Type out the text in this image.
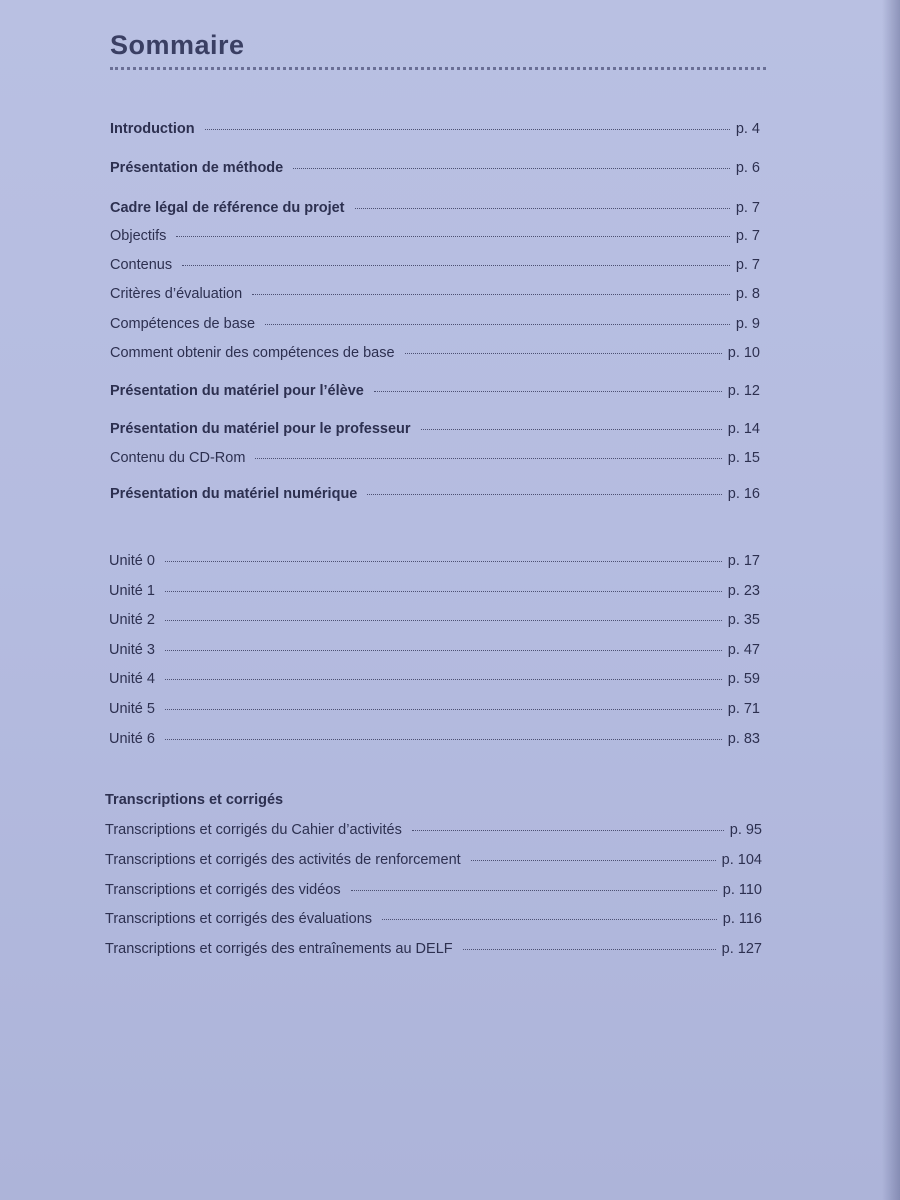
Sommaire
Introduction	p. 4
Présentation de méthode	p. 6
Cadre légal de référence du projet	p. 7
Objectifs	p. 7
Contenus	p. 7
Critères d’évaluation	p. 8
Compétences de base	p. 9
Comment obtenir des compétences de base	p. 10
Présentation du matériel pour l’élève	p. 12
Présentation du matériel pour le professeur	p. 14
Contenu du CD-Rom	p. 15
Présentation du matériel numérique	p. 16
Unité 0	p. 17
Unité 1	p. 23
Unité 2	p. 35
Unité 3	p. 47
Unité 4	p. 59
Unité 5	p. 71
Unité 6	p. 83
Transcriptions et corrigés
Transcriptions et corrigés du Cahier d’activités	p. 95
Transcriptions et corrigés des activités de renforcement	p. 104
Transcriptions et corrigés des vidéos	p. 110
Transcriptions et corrigés des évaluations	p. 116
Transcriptions et corrigés des entraînements au DELF	p. 127
